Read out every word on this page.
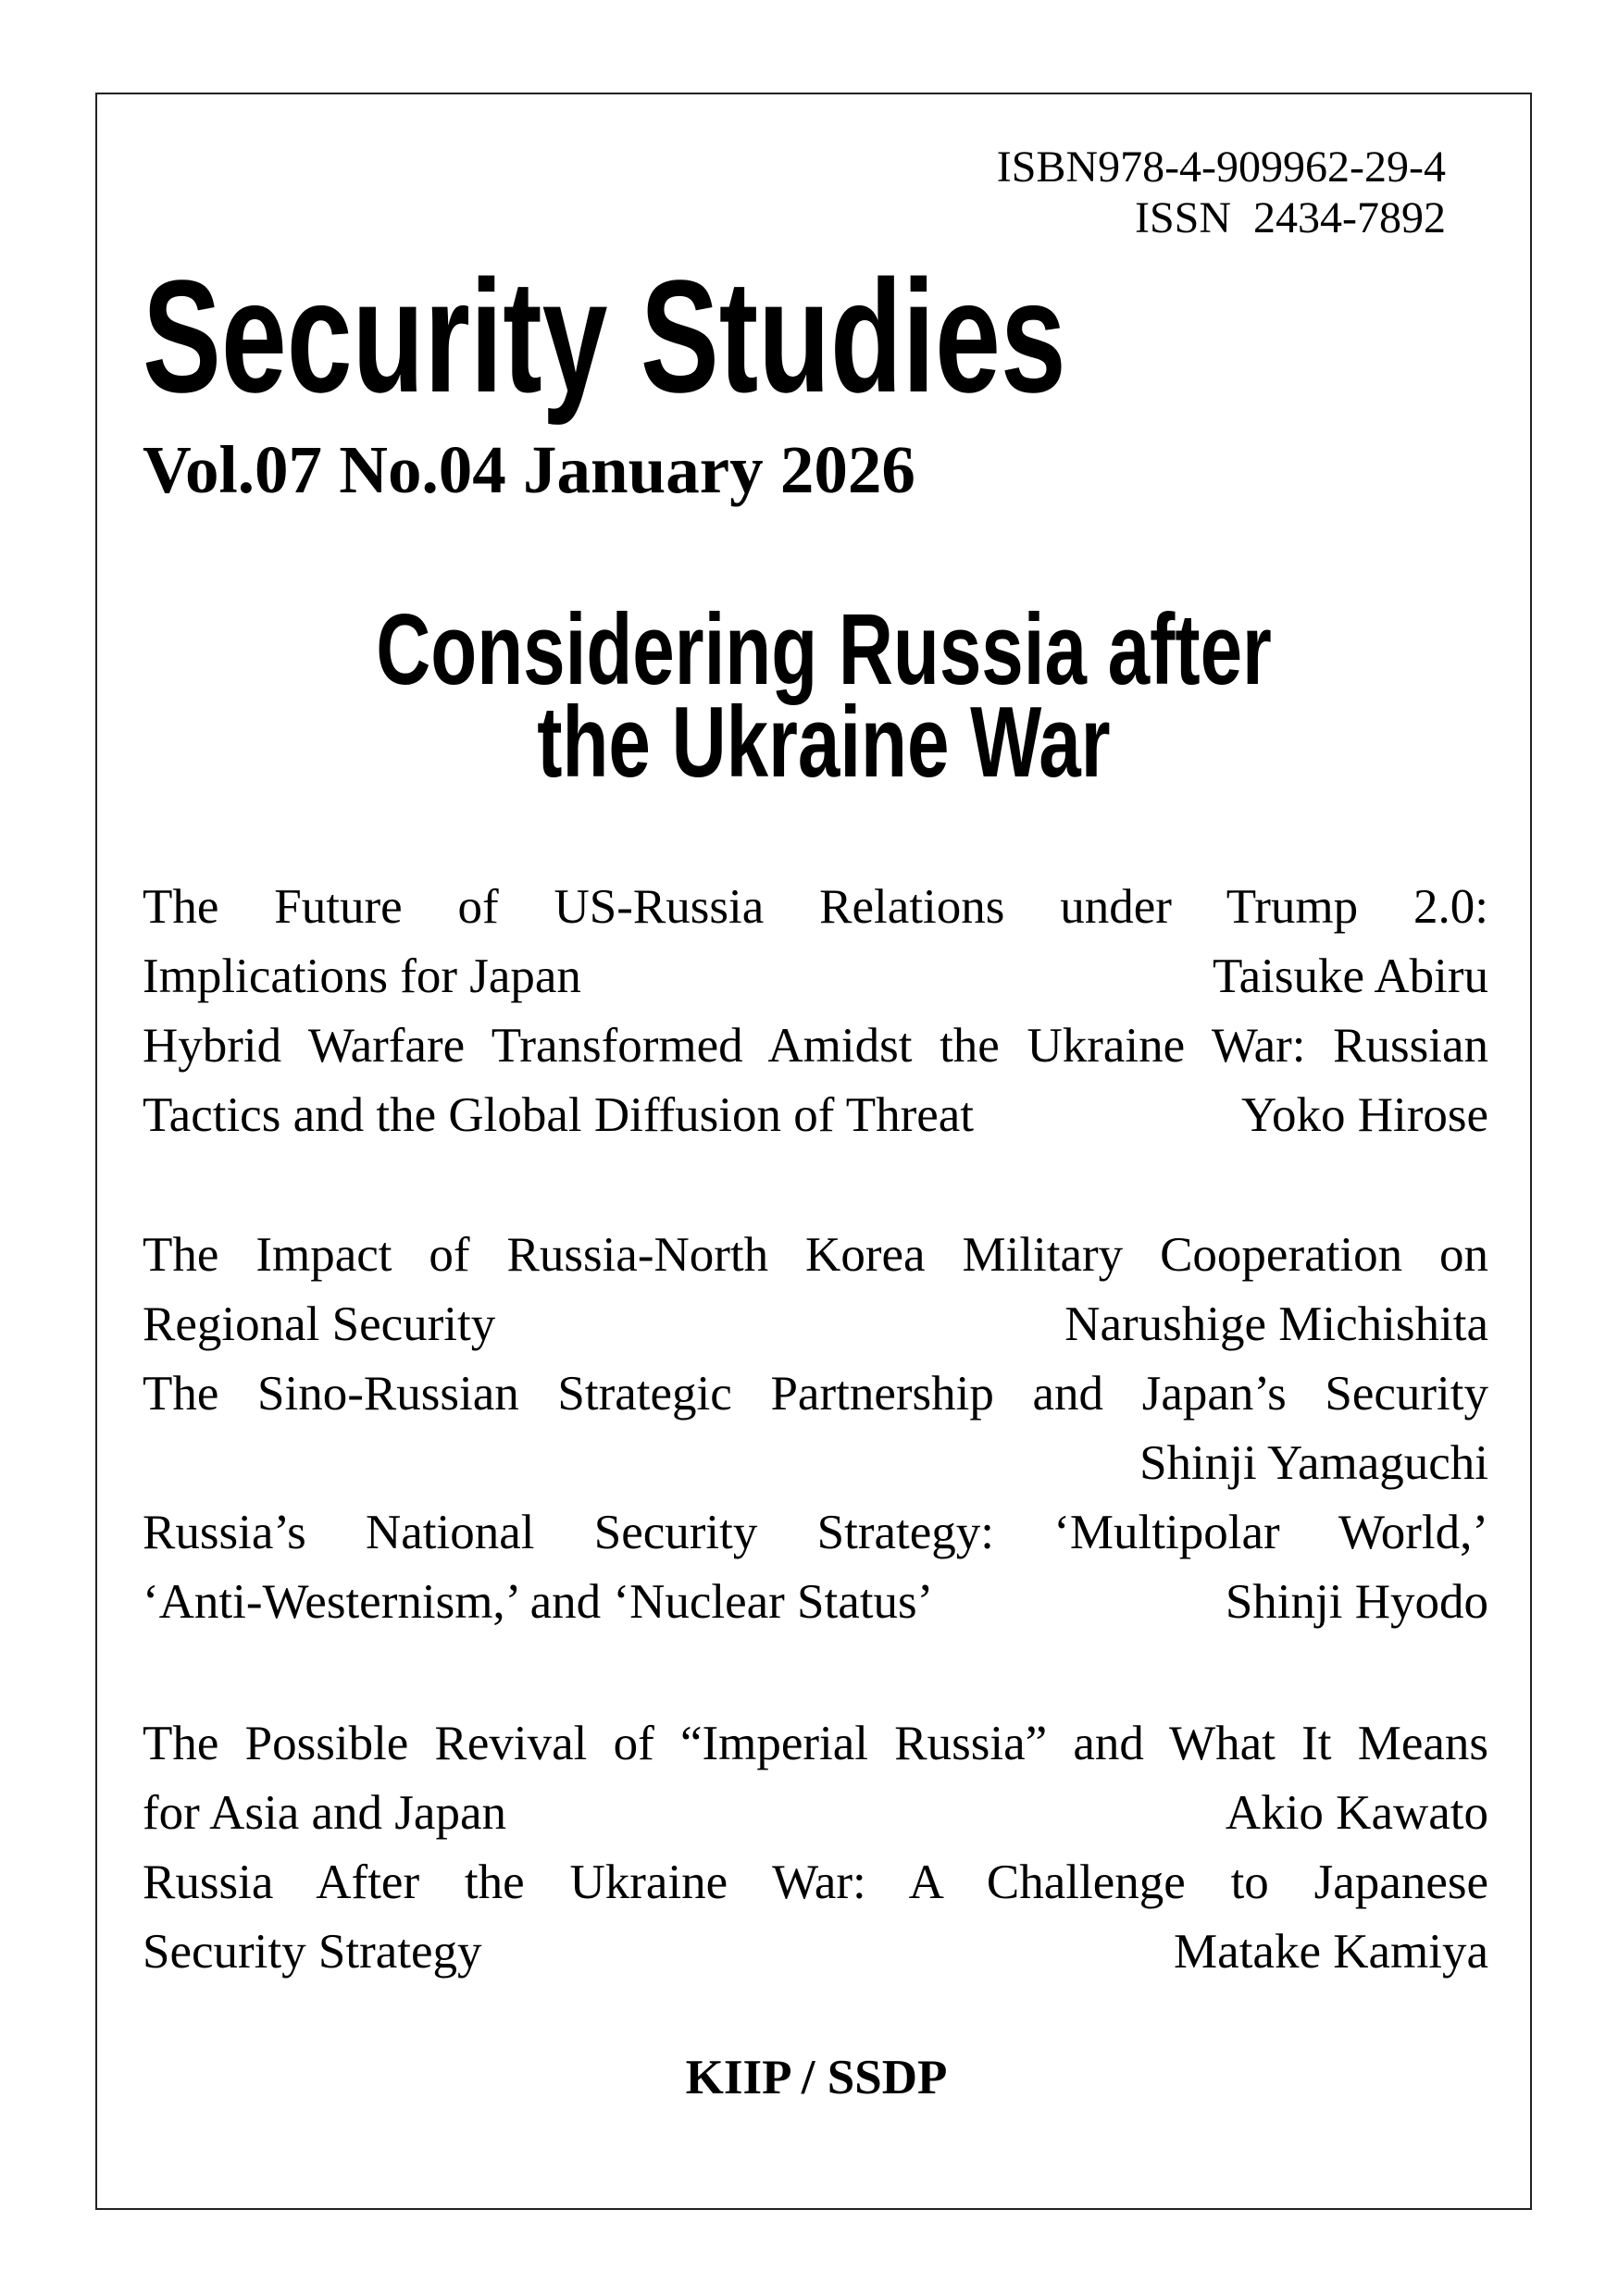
ISBN978-4-909962-29-4
ISSN  2434-7892
Security Studies
Vol.07 No.04 January 2026
Considering Russia after
the Ukraine War
The Future of US-Russia Relations under Trump 2.0:
Implications for Japan	Taisuke Abiru
Hybrid Warfare Transformed Amidst the Ukraine War: Russian
Tactics and the Global Diffusion of Threat	Yoko Hirose
The Impact of Russia-North Korea Military Cooperation on
Regional Security	Narushige Michishita
The Sino-Russian Strategic Partnership and Japan’s Security
Shinji Yamaguchi
Russia’s National Security Strategy: ‘Multipolar World,’
‘Anti-Westernism,’ and ‘Nuclear Status’	Shinji Hyodo
The Possible Revival of “Imperial Russia” and What It Means
for Asia and Japan	Akio Kawato
Russia After the Ukraine War: A Challenge to Japanese
Security Strategy	Matake Kamiya
KIIP / SSDP
